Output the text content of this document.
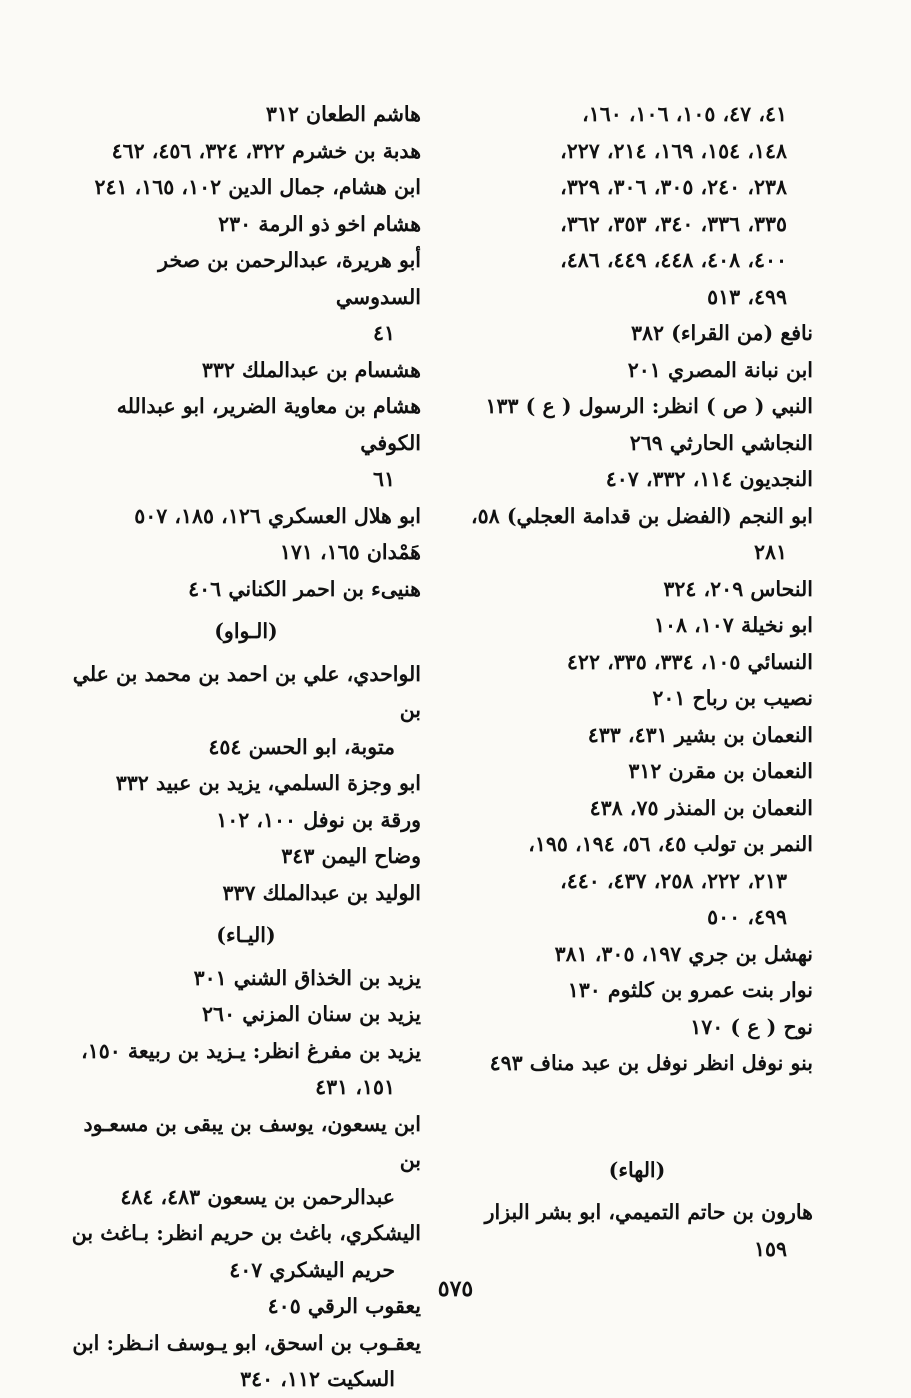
٤١، ٤٧، ١٠٥، ١٠٦، ١٦٠،
١٤٨، ١٥٤، ١٦٩، ٢١٤، ٢٢٧،
٢٣٨، ٢٤٠، ٣٠٥، ٣٠٦، ٣٢٩،
٣٣٥، ٣٣٦، ٣٤٠، ٣٥٣، ٣٦٢،
٤٠٠، ٤٠٨، ٤٤٨، ٤٤٩، ٤٨٦،
٤٩٩، ٥١٣
نافع (من القراء) ٣٨٢
ابن نبانة المصري ٢٠١
النبي ( ص ) انظر: الرسول ( ع ) ١٣٣
النجاشي الحارثي ٢٦٩
النجديون ١١٤، ٣٣٢، ٤٠٧
ابو النجم (الفضل بن قدامة العجلي) ٥٨،
٢٨١
النحاس ٢٠٩، ٣٢٤
ابو نخيلة ١٠٧، ١٠٨
النسائي ١٠٥، ٣٣٤، ٣٣٥، ٤٢٢
نصيب بن رباح ٢٠١
النعمان بن بشير ٤٣١، ٤٣٣
النعمان بن مقرن ٣١٢
النعمان بن المنذر ٧٥، ٤٣٨
النمر بن تولب ٤٥، ٥٦، ١٩٤، ١٩٥،
٢١٣، ٢٢٢، ٢٥٨، ٤٣٧، ٤٤٠،
٤٩٩، ٥٠٠
نهشل بن جري ١٩٧، ٣٠٥، ٣٨١
نوار بنت عمرو بن كلثوم ١٣٠
نوح ( ع ) ١٧٠
بنو نوفل انظر نوفل بن عبد مناف ٤٩٣
(الهاء)
هارون بن حاتم التميمي، ابو بشر البزار
١٥٩
هاشم الطعان ٣١٢
هدبة بن خشرم ٣٢٢، ٣٢٤، ٤٥٦، ٤٦٢
ابن هشام، جمال الدين ١٠٢، ١٦٥، ٢٤١
هشام اخو ذو الرمة ٢٣٠
أبو هريرة، عبدالرحمن بن صخر السدوسي
٤١
هشسام بن عبدالملك ٣٣٢
هشام بن معاوية الضرير، ابو عبدالله الكوفي
٦١
ابو هلال العسكري ١٢٦، ١٨٥، ٥٠٧
هَمْدان ١٦٥، ١٧١
هنيىء بن احمر الكناني ٤٠٦
(الـواو)
الواحدي، علي بن احمد بن محمد بن علي بن
متوبة، ابو الحسن ٤٥٤
ابو وجزة السلمي، يزيد بن عبيد ٣٣٢
ورقة بن نوفل ١٠٠، ١٠٢
وضاح اليمن ٣٤٣
الوليد بن عبدالملك ٣٣٧
(اليـاء)
يزيد بن الخذاق الشني ٣٠١
يزيد بن سنان المزني ٢٦٠
يزيد بن مفرغ انظر: يـزيد بن ربيعة ١٥٠،
١٥١، ٤٣١
ابن يسعون، يوسف بن يبقى بن مسعـود بن
عبدالرحمن بن يسعون ٤٨٣، ٤٨٤
اليشكري، باغث بن حريم انظر: بـاغث بن
حريم اليشكري ٤٠٧
يعقوب الرقي ٤٠٥
يعقـوب بن اسحق، ابو يـوسف انـظر: ابن
السكيت ١١٢، ٣٤٠
٥٧٥
